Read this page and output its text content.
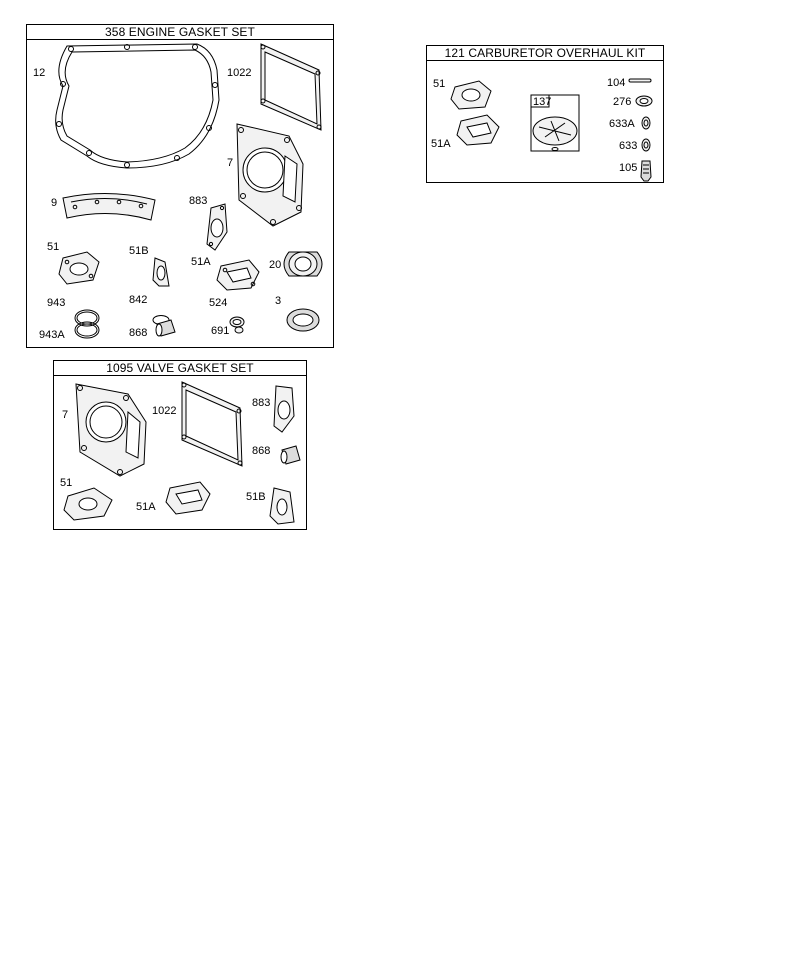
358 ENGINE GASKET SET
12	1022
7
9	883
51	51B
51A	20
943	842	524	3
943A	868	691
1095 VALVE GASKET SET
7	1022
883
868
51
51A
51B
121 CARBURETOR OVERHAUL KIT
51
51A
137
104
276
633A
633
105
